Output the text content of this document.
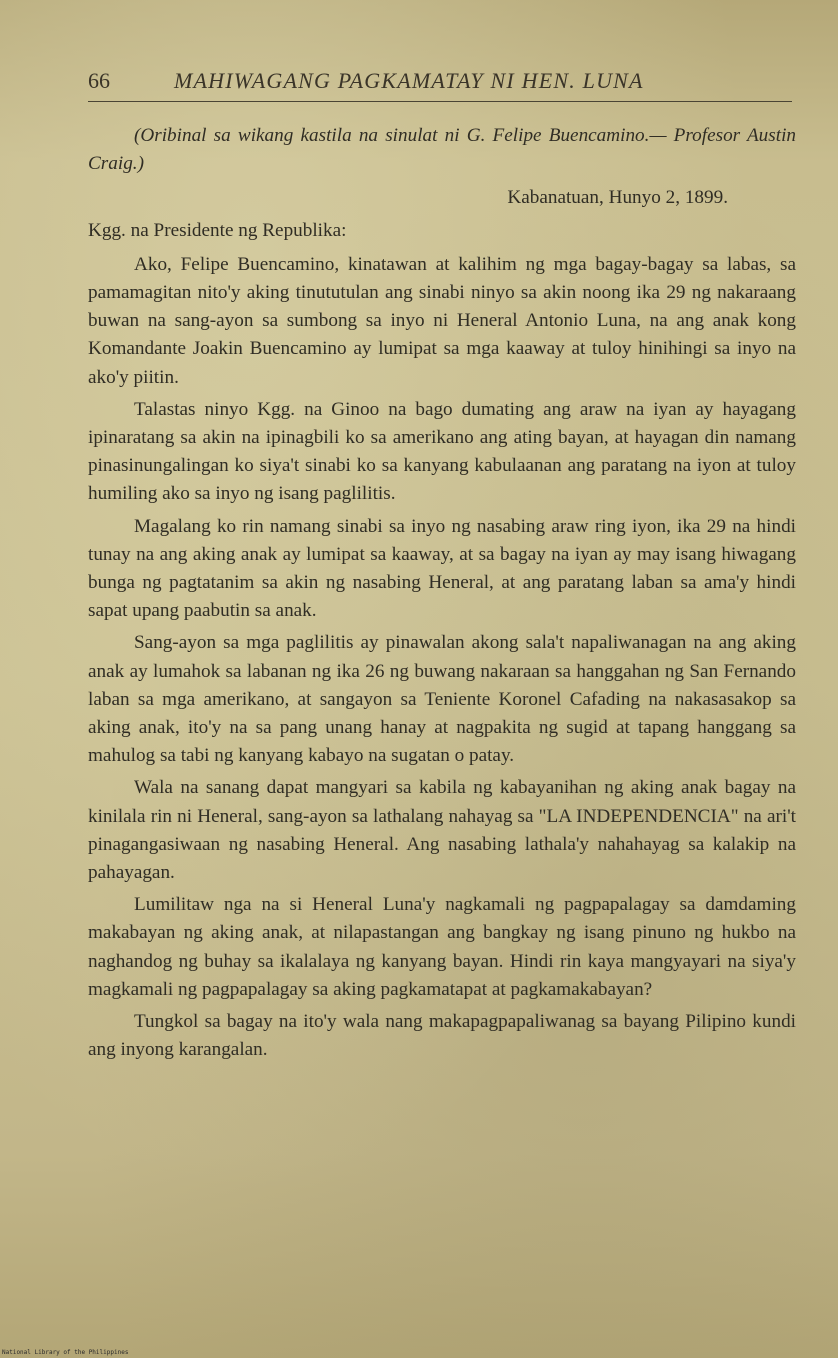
66	MAHIWAGANG PAGKAMATAY NI HEN. LUNA

(Oribinal sa wikang kastila na sinulat ni G. Felipe Buencamino.— Profesor Austin Craig.)

Kabanatuan, Hunyo 2, 1899.

Kgg. na Presidente ng Republika:

Ako, Felipe Buencamino, kinatawan at kalihim ng mga bagay-bagay sa labas, sa pamamagitan nito'y aking tinututulan ang sinabi ninyo sa akin noong ika 29 ng nakaraang buwan na sang-ayon sa sumbong sa inyo ni Heneral Antonio Luna, na ang anak kong Komandante Joakin Buencamino ay lumipat sa mga kaaway at tuloy hinihingi sa inyo na ako'y piitin.

Talastas ninyo Kgg. na Ginoo na bago dumating ang araw na iyan ay hayagang ipinaratang sa akin na ipinagbili ko sa amerikano ang ating bayan, at hayagan din namang pinasinungalingan ko siya't sinabi ko sa kanyang kabulaanan ang paratang na iyon at tuloy humiling ako sa inyo ng isang paglilitis.

Magalang ko rin namang sinabi sa inyo ng nasabing araw ring iyon, ika 29 na hindi tunay na ang aking anak ay lumipat sa kaaway, at sa bagay na iyan ay may isang hiwagang bunga ng pagtatanim sa akin ng nasabing Heneral, at ang paratang laban sa ama'y hindi sapat upang paabutin sa anak.

Sang-ayon sa mga paglilitis ay pinawalan akong sala't napaliwanagan na ang aking anak ay lumahok sa labanan ng ika 26 ng buwang nakaraan sa hanggahan ng San Fernando laban sa mga amerikano, at sangayon sa Teniente Koronel Cafading na nakasasakop sa aking anak, ito'y na sa pang unang hanay at nagpakita ng sugid at tapang hanggang sa mahulog sa tabi ng kanyang kabayo na sugatan o patay.

Wala na sanang dapat mangyari sa kabila ng kabayanihan ng aking anak bagay na kinilala rin ni Heneral, sang-ayon sa lathalang nahayag sa "LA INDEPENDENCIA" na ari't pinagangasiwaan ng nasabing Heneral. Ang nasabing lathala'y nahahayag sa kalakip na pahayagan.

Lumilitaw nga na si Heneral Luna'y nagkamali ng pagpapalagay sa damdaming makabayan ng aking anak, at nilapastangan ang bangkay ng isang pinuno ng hukbo na naghandog ng buhay sa ikalalaya ng kanyang bayan. Hindi rin kaya mangyayari na siya'y magkamali ng pagpapalagay sa aking pagkamatapat at pagkamakabayan?

Tungkol sa bagay na ito'y wala nang makapagpapaliwanag sa bayang Pilipino kundi ang inyong karangalan.

National Library of the Philippines
